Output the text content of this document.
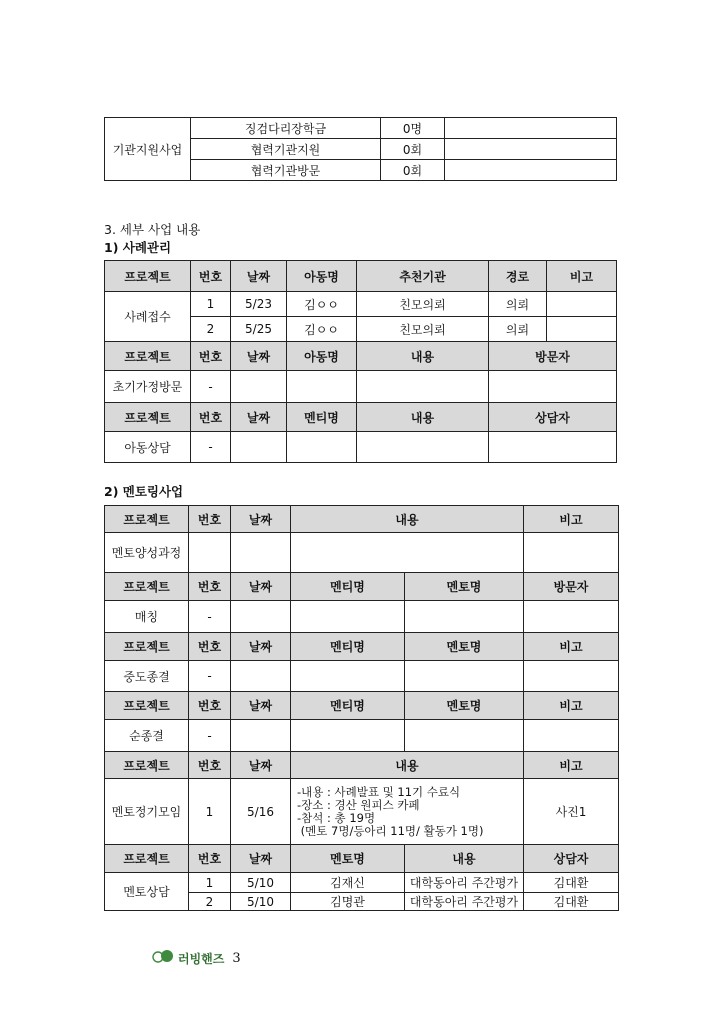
기관지원사업	징검다리장학금	0명	
	협력기관지원	0회	
	협력기관방문	0회	
3. 세부 사업 내용
1) 사례관리
프로젝트	번호	날짜	아동명	추천기관	경로	비고
사례접수	1	5/23	김ㅇㅇ	친모의뢰	의뢰	
	2	5/25	김ㅇㅇ	친모의뢰	의뢰	
프로젝트	번호	날짜	아동명	내용	방문자	
초기가정방문	-					
프로젝트	번호	날짜	멘티명	내용	상담자	
아동상담	-					
2) 멘토링사업
프로젝트	번호	날짜	내용		비고
멘토양성과정					
프로젝트	번호	날짜	멘티명	멘토명	방문자
매칭	-				
프로젝트	번호	날짜	멘티명	멘토명	비고
중도종결	-				
프로젝트	번호	날짜	멘티명	멘토명	비고
순종결	-				
프로젝트	번호	날짜	내용		비고
멘토정기모임	1	5/16	-내용 : 사례발표 및 11기 수료식
-장소 : 경산 원피스 카페
-참석 : 총 19명
(멘토 7명/등아리 11명/ 활동가 1명)		사진1
프로젝트	번호	날짜	멘토명	내용	상담자
멘토상담	1	5/10	김재신	대학동아리 주간평가	김대환
	2	5/10	김명관	대학동아리 주간평가	김대환
러빙핸즈 3
